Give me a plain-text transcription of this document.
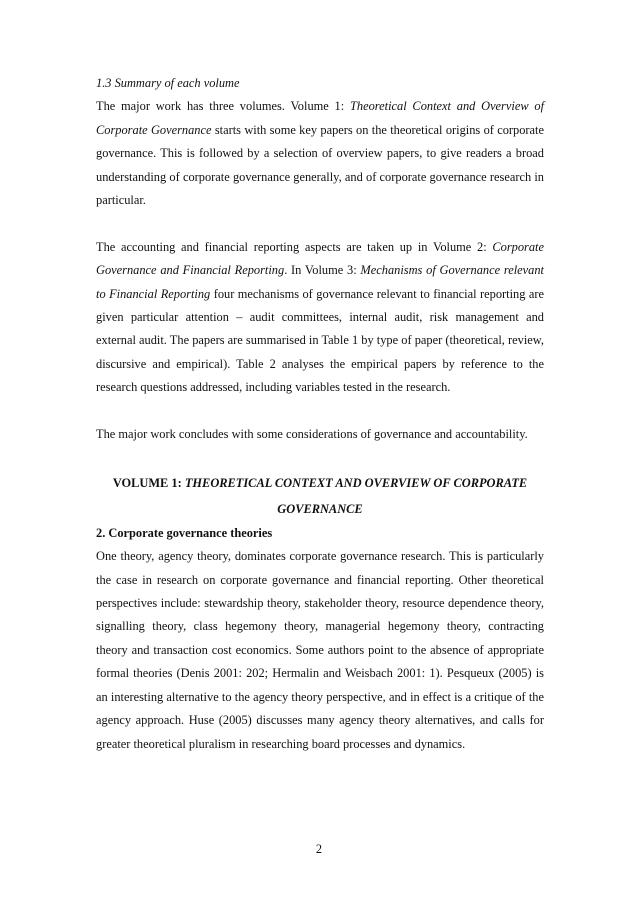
1.3 Summary of each volume

The major work has three volumes. Volume 1: Theoretical Context and Overview of Corporate Governance starts with some key papers on the theoretical origins of corporate governance. This is followed by a selection of overview papers, to give readers a broad understanding of corporate governance generally, and of corporate governance research in particular.

The accounting and financial reporting aspects are taken up in Volume 2: Corporate Governance and Financial Reporting. In Volume 3: Mechanisms of Governance relevant to Financial Reporting four mechanisms of governance relevant to financial reporting are given particular attention – audit committees, internal audit, risk management and external audit. The papers are summarised in Table 1 by type of paper (theoretical, review, discursive and empirical). Table 2 analyses the empirical papers by reference to the research questions addressed, including variables tested in the research.

The major work concludes with some considerations of governance and accountability.

VOLUME 1: THEORETICAL CONTEXT AND OVERVIEW OF CORPORATE GOVERNANCE

2. Corporate governance theories

One theory, agency theory, dominates corporate governance research. This is particularly the case in research on corporate governance and financial reporting. Other theoretical perspectives include: stewardship theory, stakeholder theory, resource dependence theory, signalling theory, class hegemony theory, managerial hegemony theory, contracting theory and transaction cost economics. Some authors point to the absence of appropriate formal theories (Denis 2001: 202; Hermalin and Weisbach 2001: 1). Pesqueux (2005) is an interesting alternative to the agency theory perspective, and in effect is a critique of the agency approach. Huse (2005) discusses many agency theory alternatives, and calls for greater theoretical pluralism in researching board processes and dynamics.

2
